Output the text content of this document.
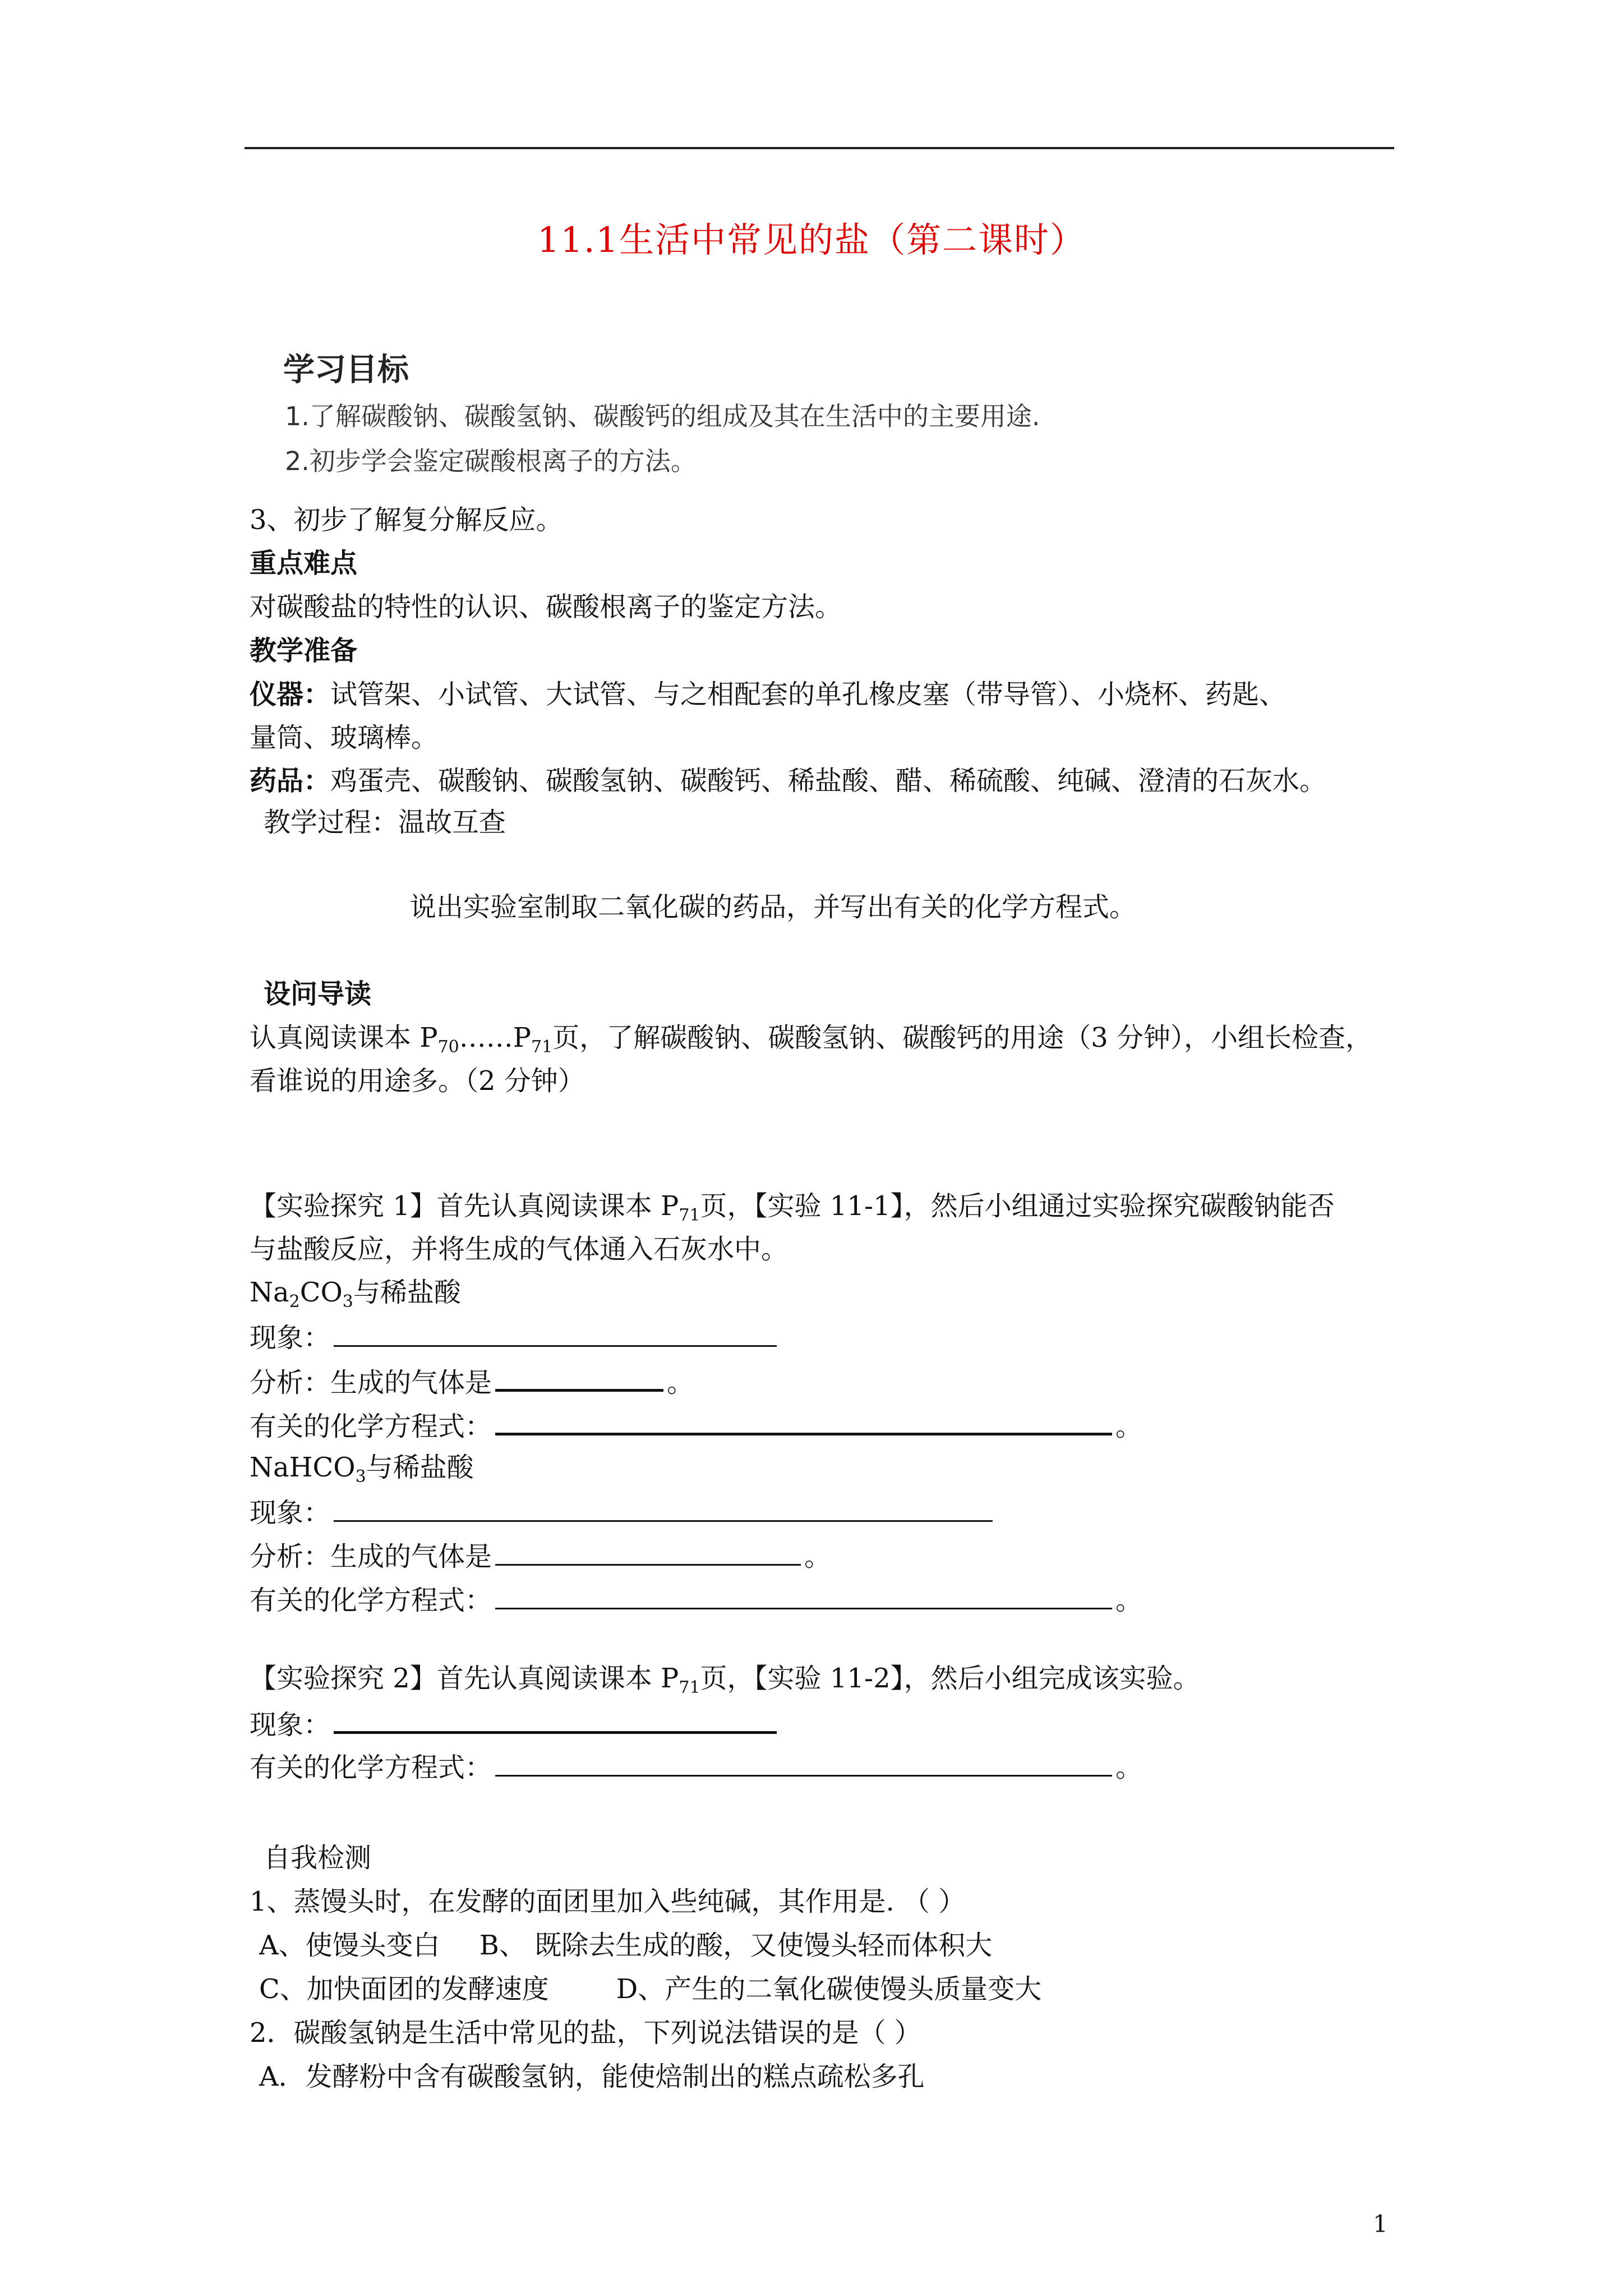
11.1生活中常见的盐（第二课时）
学习目标
1.了解碳酸钠、碳酸氢钠、碳酸钙的组成及其在生活中的主要用途.
2.初步学会鉴定碳酸根离子的方法。
3、初步了解复分解反应。
重点难点
对碳酸盐的特性的认识、碳酸根离子的鉴定方法。
教学准备
仪器：试管架、小试管、大试管、与之相配套的单孔橡皮塞（带导管）、小烧杯、药匙、
量筒、玻璃棒。
药品：鸡蛋壳、碳酸钠、碳酸氢钠、碳酸钙、稀盐酸、醋、稀硫酸、纯碱、澄清的石灰水。
教学过程：温故互查
说出实验室制取二氧化碳的药品，并写出有关的化学方程式。
设问导读
认真阅读课本 $P_{70}\dots\dots P_{71}$页，了解碳酸钠、碳酸氢钠、碳酸钙的用途（3 分钟），小组长检查，
看谁说的用途多。（2 分钟）
【实验探究 1】首先认真阅读课本 $P_{71}$页，【实验 11-1】，然后小组通过实验探究碳酸钠能否
与盐酸反应，并将生成的气体通入石灰水中。
$Na_2CO_3$与稀盐酸
现象：
分析：生成的气体是	。
有关的化学方程式：	。
NaHCO$_3$与稀盐酸
现象：
分析：生成的气体是	。
有关的化学方程式：	。
【实验探究 2】首先认真阅读课本 $P_{71}$页，【实验 11-2】，然后小组完成该实验。
现象：
有关的化学方程式：	。
自我检测
1、蒸馒头时，在发酵的面团里加入些纯碱，其作用是. （ ）
A、使馒头变白 B、 既除去生成的酸，又使馒头轻而体积大
C、加快面团的发酵速度	D、产生的二氧化碳使馒头质量变大
2．碳酸氢钠是生活中常见的盐，下列说法错误的是（ ）
A．发酵粉中含有碳酸氢钠，能使焙制出的糕点疏松多孔
1
